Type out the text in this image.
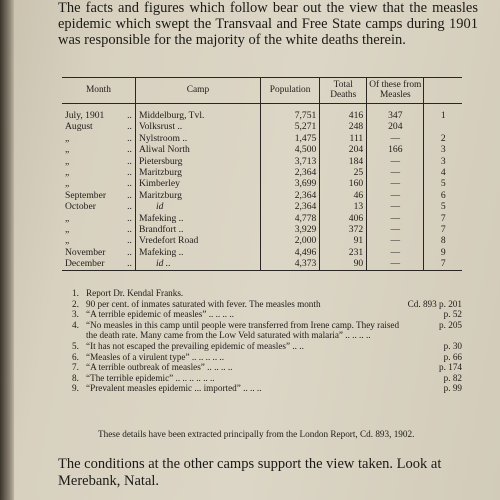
The facts and figures which follow bear out the view that the measles epidemic which swept the Transvaal and Free State camps during 1901 was responsible for the majority of the white deaths therein.
Month	Camp	Population	Total Deaths	Of these from Measles	
July, 1901 ..	Middelburg, Tvl.	7,751	416	347	1
August ..	Volksrust ..	5,271	248	204	
„ ..	Nylstroom ..	1,475	111	—	2
„ ..	Aliwal North	4,500	204	166	3
„ ..	Pietersburg	3,713	184	—	3
„ ..	Maritzburg	2,364	25	—	4
„ ..	Kimberley	3,699	160	—	5
September ..	Maritzburg	2,364	46	—	6
October ..	id	2,364	13	—	5
„ ..	Mafeking ..	4,778	406	—	7
„ ..	Brandfort ..	3,929	372	—	7
„ ..	Vredefort Road	2,000	91	—	8
November ..	Mafeking ..	4,496	231	—	9
December ..	id ..	4,373	90	—	7
1. Report Dr. Kendal Franks.
2. 90 per cent. of inmates saturated with fever. The measles month	Cd. 893 p. 201
3. “A terrible epidemic of measles” .. .. .. ..	p. 52
4. “No measles in this camp until people were transferred from Irene camp. They raised the death rate. Many came from the Low Veld saturated with malaria” .. .. .. ..
p. 205
5. “It has not escaped the prevailing epidemic of measles” .. ..	p. 30
6. “Measles of a virulent type” .. .. .. .. ..	p. 66
7. “A terrible outbreak of measles” .. .. .. ..	p. 174
8. “The terrible epidemic” .. .. .. .. .. ..	p. 82
9. “Prevalent measles epidemic ... imported” .. .. ..	p. 99
These details have been extracted principally from the London Report, Cd. 893, 1902.
The conditions at the other camps support the view taken. Look at Merebank, Natal.
